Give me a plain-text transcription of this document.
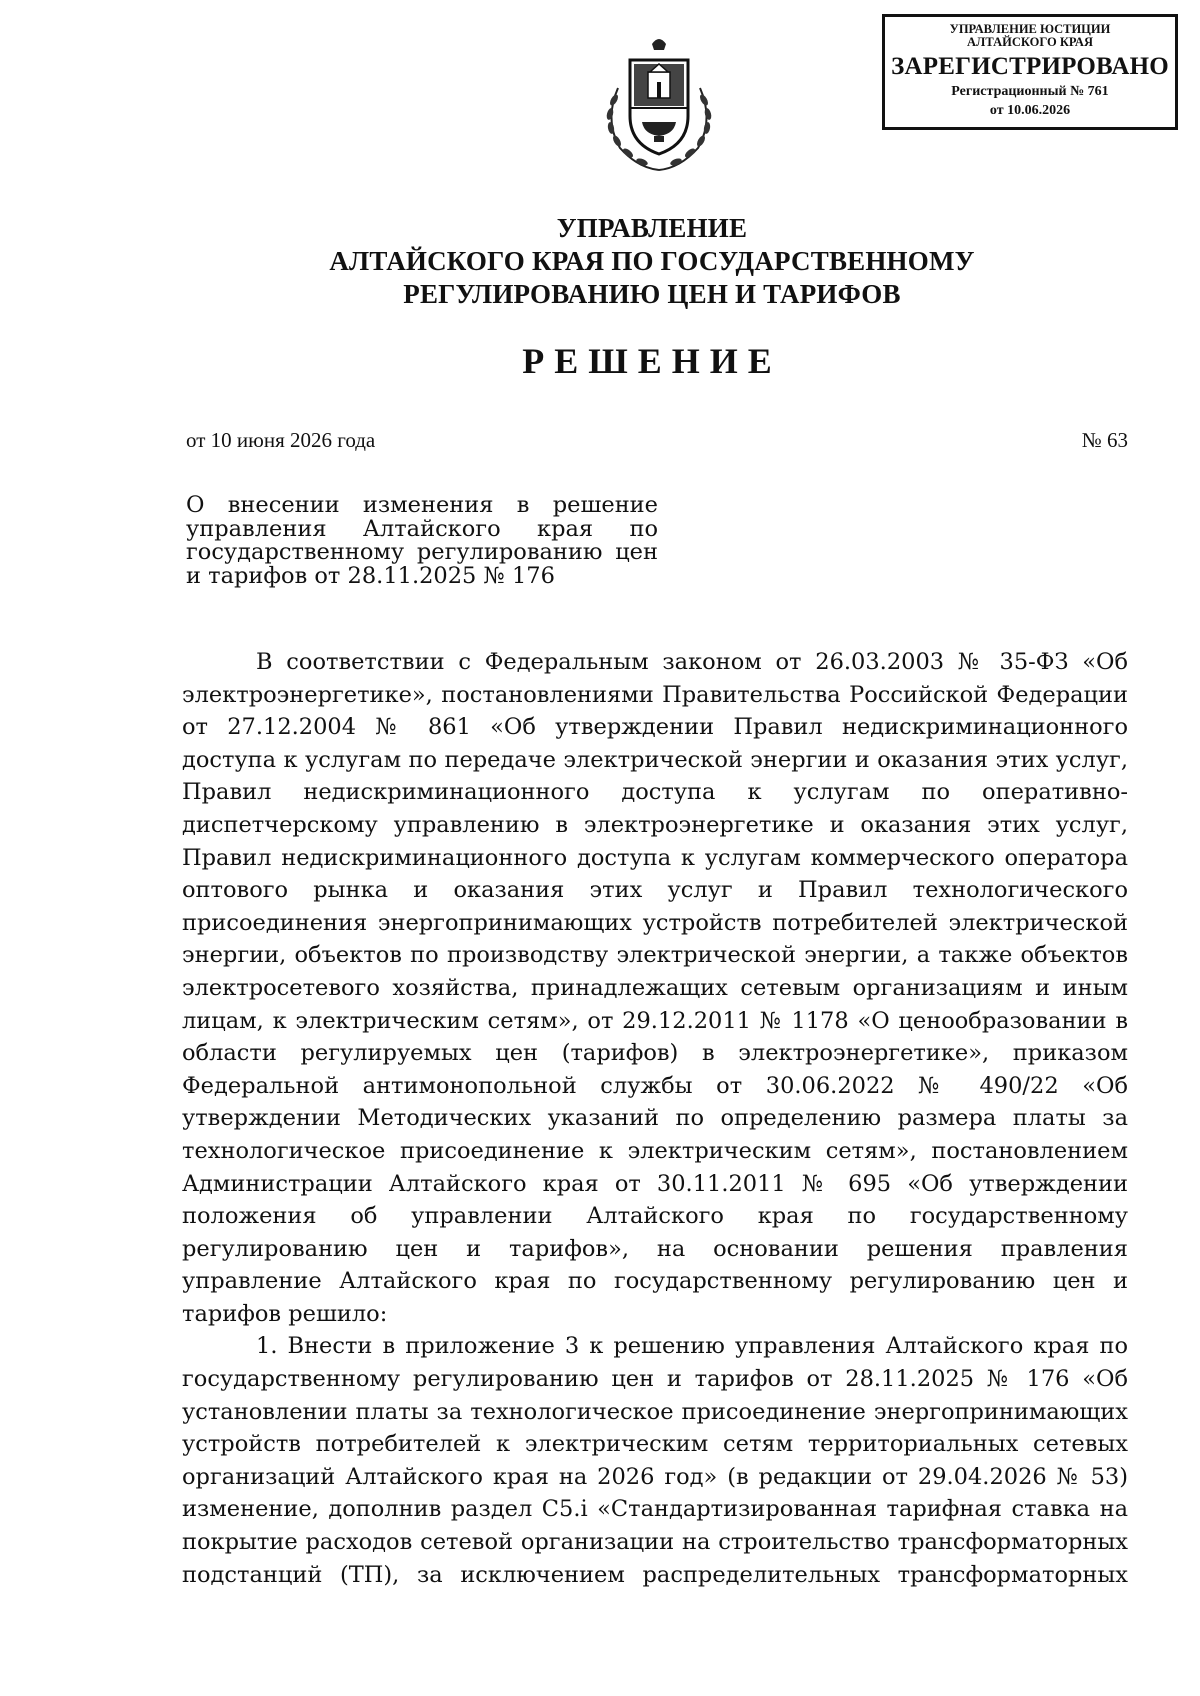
УПРАВЛЕНИЕ ЮСТИЦИИ
АЛТАЙСКОГО КРАЯ
ЗАРЕГИСТРИРОВАНО
Регистрационный № 761
от 10.06.2026
УПРАВЛЕНИЕ
АЛТАЙСКОГО КРАЯ ПО ГОСУДАРСТВЕННОМУ
РЕГУЛИРОВАНИЮ ЦЕН И ТАРИФОВ
РЕШЕНИЕ
от 10 июня 2026 года	№ 63
О внесении изменения в решение управления Алтайского края по государственному регулированию цен и тарифов от 28.11.2025 № 176

В соответствии с Федеральным законом от 26.03.2003 № 35-ФЗ «Об электроэнергетике», постановлениями Правительства Российской Федерации от 27.12.2004 № 861 «Об утверждении Правил недискриминационного доступа к услугам по передаче электрической энергии и оказания этих услуг, Правил недискриминационного доступа к услугам по оперативно-диспетчерскому управлению в электроэнергетике и оказания этих услуг, Правил недискриминационного доступа к услугам коммерческого оператора оптового рынка и оказания этих услуг и Правил технологического присоединения энергопринимающих устройств потребителей электрической энергии, объектов по производству электрической энергии, а также объектов электросетевого хозяйства, принадлежащих сетевым организациям и иным лицам, к электрическим сетям», от 29.12.2011 № 1178 «О ценообразовании в области регулируемых цен (тарифов) в электроэнергетике», приказом Федеральной антимонопольной службы от 30.06.2022 № 490/22 «Об утверждении Методических указаний по определению размера платы за технологическое присоединение к электрическим сетям», постановлением Администрации Алтайского края от 30.11.2011 № 695 «Об утверждении положения об управлении Алтайского края по государственному регулированию цен и тарифов», на основании решения правления управление Алтайского края по государственному регулированию цен и тарифов решило:

1. Внести в приложение 3 к решению управления Алтайского края по государственному регулированию цен и тарифов от 28.11.2025 № 176 «Об установлении платы за технологическое присоединение энергопринимающих устройств потребителей к электрическим сетям территориальных сетевых организаций Алтайского края на 2026 год» (в редакции от 29.04.2026 № 53) изменение, дополнив раздел С5.i «Стандартизированная тарифная ставка на покрытие расходов сетевой организации на строительство трансформаторных подстанций (ТП), за исключением распределительных трансформаторных
